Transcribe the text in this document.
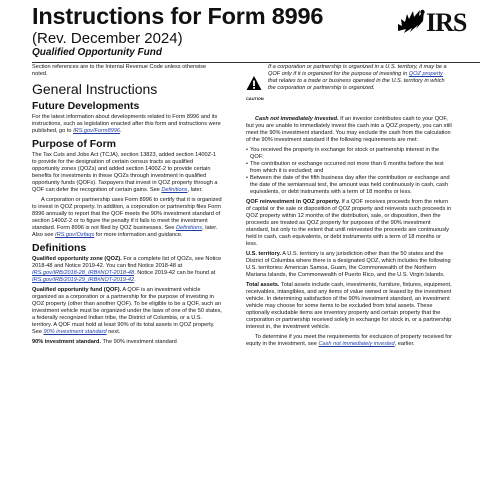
Instructions for Form 8996
(Rev. December 2024)
Qualified Opportunity Fund
IRS

Section references are to the Internal Revenue Code unless otherwise noted.

General Instructions
Future Developments

For the latest information about developments related to Form 8996 and its instructions, such as legislation enacted after this form and instructions were published, go to IRS.gov/Form8996.

Purpose of Form

The Tax Cuts and Jobs Act (TCJA), section 13823, added section 1400Z-1 to provide for the designation of certain census tracts as qualified opportunity zones (QOZs) and added section 1400Z-2 to provide certain benefits for investments in these QOZs through investment in qualified opportunity funds (QOFs). Taxpayers that invest in QOZ property through a QOF can defer the recognition of certain gains. See Definitions, later.

A corporation or partnership uses Form 8996 to certify that it is organized to invest in QOZ property. In addition, a corporation or partnership files Form 8996 annually to report that the QOF meets the 90% investment standard of section 1400Z-2 or to figure the penalty if it fails to meet the investment standard. Form 8996 is not filed by QOZ businesses. See Definitions, later. Also see IRS.gov/Ozfaqs for more information and guidance.

Definitions

Qualified opportunity zone (QOZ). For a complete list of QOZs, see Notice 2018-48 and Notice 2019-42. You can find Notice 2018-48 at IRS.gov/IRB/2018-28_IRB#NOT-2018-48. Notice 2019-42 can be found at IRS.gov/IRB/2019-29_IRB#NOT-2019-42.

Qualified opportunity fund (QOF). A QOF is an investment vehicle organized as a corporation or a partnership for the purpose of investing in QOZ property (other than another QOF). To be eligible to be a QOF, such an investment vehicle must be organized under the laws of one of the 50 states, a federally recognized Indian tribe, the District of Columbia, or a U.S. territory. A QOF must hold at least 90% of its total assets in QOZ property. See 90% investment standard next.

90% investment standard. The 90% investment standard

CAUTION
If a corporation or partnership is organized in a U.S. territory, it may be a QOF only if it is organized for the purpose of investing in QOZ property that relates to a trade or business operated in the U.S. territory in which the corporation or partnership is organized.

Cash not immediately invested. If an investor contributes cash to your QOF, but you are unable to immediately invest the cash into a QOZ property, you can still meet the 90% investment standard. You may exclude the cash from the calculation of the 90% investment standard if the following requirements are met:

• You received the property in exchange for stock or partnership interest in the QOF;
• The contribution or exchange occurred not more than 6 months before the test from which it is excluded; and
• Between the date of the fifth business day after the contribution or exchange and the date of the semiannual test, the amount was held continuously in cash, cash equivalents, or debt instruments with a term of 18 months or less.

QOF reinvestment in QOZ property. If a QOF receives proceeds from the return of capital or the sale or disposition of QOZ property and reinvests such proceeds in QOZ property within 12 months of the distribution, sale, or disposition, then the proceeds are treated as QOZ property for purposes of the 90% investment standard, but only to the extent that until reinvested the proceeds are continuously held in cash, cash equivalents, or debt instruments with a term of 18 months or less.

U.S. territory. A U.S. territory is any jurisdiction other than the 50 states and the District of Columbia where there is a designated QOZ, which includes the following U.S. territories: American Samoa, Guam, the Commonwealth of the Northern Mariana Islands, the Commonwealth of Puerto Rico, and the U.S. Virgin Islands.

Total assets. Total assets include cash, investments, furniture, fixtures, equipment, receivables, intangibles, and any items of value owned or leased by the investment vehicle. In determining satisfaction of the 90% investment standard, an investment vehicle may choose for some items to be excluded from total assets. These optionally excludable items are inventory property and certain property that the corporation or partnership received solely in exchange for stock in, or a partnership interest in, the investment vehicle.

To determine if you meet the requirements for exclusion of property received for equity in the investment, see Cash not immediately invested, earlier.
